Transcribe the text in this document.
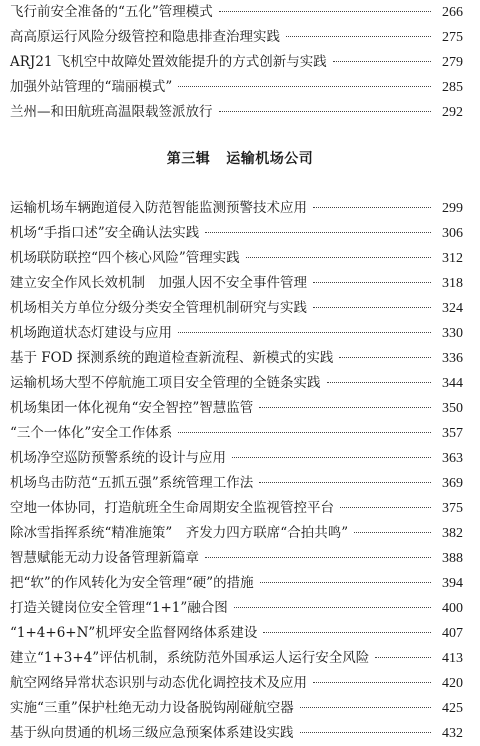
飞行前安全准备的“五化”管理模式	266
高高原运行风险分级管控和隐患排查治理实践	275
ARJ21 飞机空中故障处置效能提升的方式创新与实践	279
加强外站管理的“瑞丽模式”	285
兰州—和田航班高温限载签派放行	292
第三辑 运输机场公司
运输机场车辆跑道侵入防范智能监测预警技术应用	299
机场“手指口述”安全确认法实践	306
机场联防联控“四个核心风险”管理实践	312
建立安全作风长效机制　加强人因不安全事件管理	318
机场相关方单位分级分类安全管理机制研究与实践	324
机场跑道状态灯建设与应用	330
基于 FOD 探测系统的跑道检查新流程、新模式的实践	336
运输机场大型不停航施工项目安全管理的全链条实践	344
机场集团一体化视角“安全智控”智慧监管	350
“三个一体化”安全工作体系	357
机场净空巡防预警系统的设计与应用	363
机场鸟击防范“五抓五强”系统管理工作法	369
空地一体协同，打造航班全生命周期安全监视管控平台	375
除冰雪指挥系统“精准施策”　齐发力四方联席“合拍共鸣”	382
智慧赋能无动力设备管理新篇章	388
把“软”的作风转化为安全管理“硬”的措施	394
打造关键岗位安全管理“1+1”融合图	400
“1+4+6+N”机坪安全监督网络体系建设	407
建立“1+3+4”评估机制，系统防范外国承运人运行安全风险	413
航空网络异常状态识别与动态优化调控技术及应用	420
实施“三重”保护杜绝无动力设备脱钩剐碰航空器	425
基于纵向贯通的机场三级应急预案体系建设实践	432
